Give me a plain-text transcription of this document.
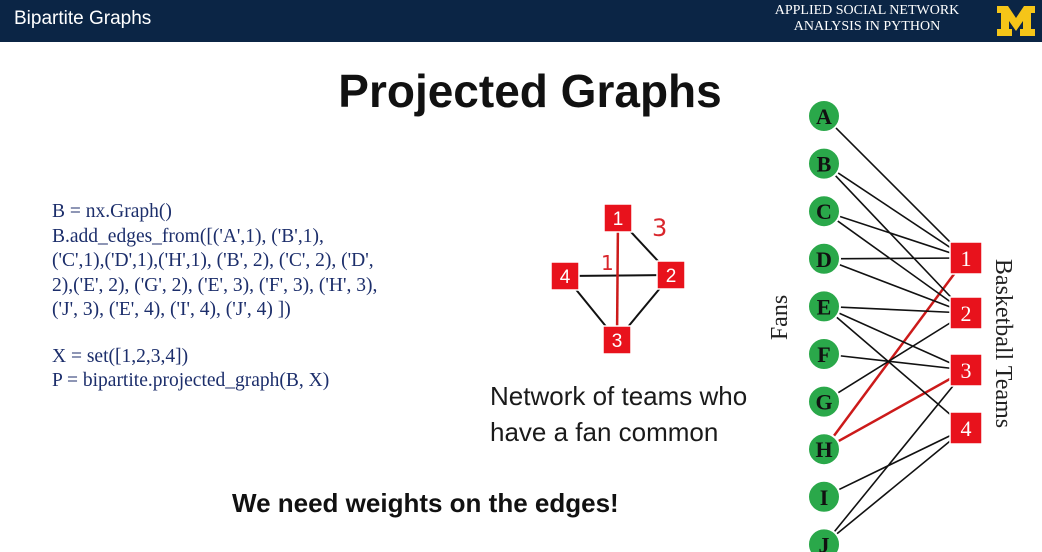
Bipartite Graphs	APPLIED SOCIAL NETWORK
ANALYSIS IN PYTHON
Projected Graphs
B = nx.Graph()
B.add_edges_from([('A',1), ('B',1),
('C',1),('D',1),('H',1), ('B', 2), ('C', 2), ('D',
2),('E', 2), ('G', 2), ('E', 3), ('F', 3), ('H', 3),
('J', 3), ('E', 4), ('I', 4), ('J', 4) ])
X = set([1,2,3,4])
P = bipartite.projected_graph(B, X)
1
2
3
4
3
1
A
B
C
D
E
F
G
H
I
J
1
2
3
4
Network of teams who
have a fan common
We need weights on the edges!
Fans	Basketball Teams
